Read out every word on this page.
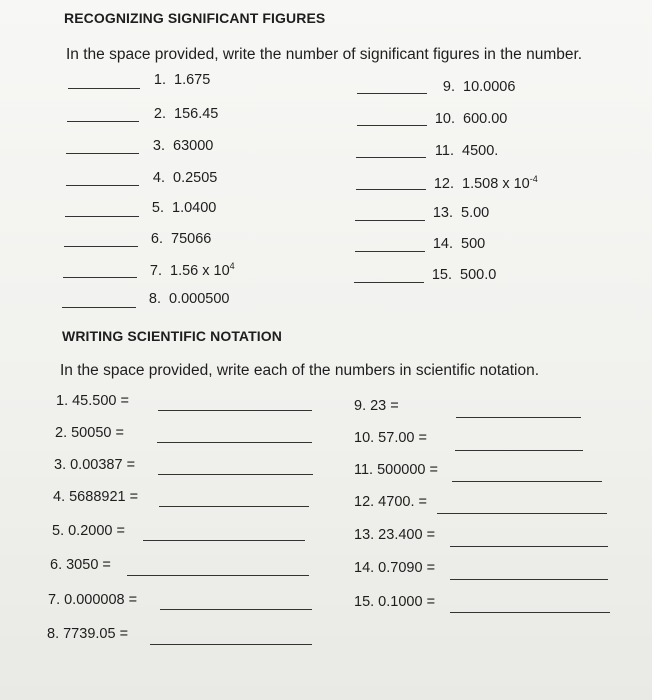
RECOGNIZING SIGNIFICANT FIGURES
In the space provided, write the number of significant figures in the number.
1. 1.675
2. 156.45
3. 63000
4. 0.2505
5. 1.0400
6. 75066
7. 1.56 x $10^4$
8. 0.000500
9. 10.0006
10. 600.00
11. 4500.
12. 1.508 x $10^{-4}$
13. 5.00
14. 500
15. 500.0
WRITING SCIENTIFIC NOTATION
In the space provided, write each of the numbers in scientific notation.
1. 45.500 =
2. 50050 =
3. 0.00387 =
4. 5688921 =
5. 0.2000 =
6. 3050 =
7. 0.000008 =
8. 7739.05 =
9. 23 =
10. 57.00 =
11. 500000 =
12. 4700. =
13. 23.400 =
14. 0.7090 =
15. 0.1000 =
